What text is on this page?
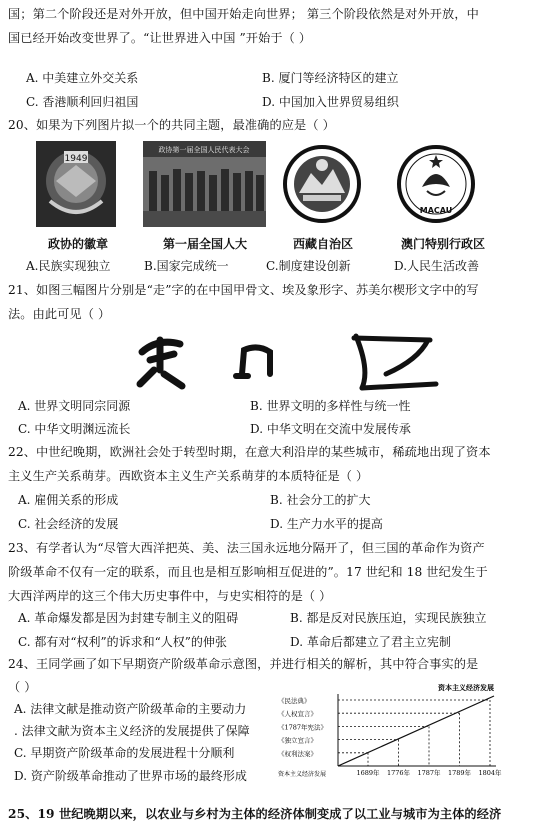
国；第二个阶段还是对外开放，但中国开始走向世界； 第三个阶段依然是对外开放，中
国已经开始改变世界了。“让世界进入中国 ”开始于（ ）
A. 中美建立外交关系	B. 厦门等经济特区的建立
C. 香港顺利回归祖国	D. 中国加入世界贸易组织
20、如果为下列图片拟一个的共同主题，最准确的应是（ ）
1949
政协第一届全国人民代表大会
MACAU
政协的徽章	第一届全国人大	西藏自治区	澳门特别行政区
A.民族实现独立	B.国家完成统一	C.制度建设创新	D.人民生活改善
21、如图三幅图片分别是“走”字的在中国甲骨文、埃及象形字、苏美尔楔形文字中的写
法。由此可见（ ）
A. 世界文明同宗同源	B. 世界文明的多样性与统一性
C. 中华文明渊远流长	D. 中华文明在交流中发展传承
22、中世纪晚期，欧洲社会处于转型时期，在意大利沿岸的某些城市，稀疏地出现了资本
主义生产关系萌芽。西欧资本主义生产关系萌芽的本质特征是（ ）
A. 雇佣关系的形成	B. 社会分工的扩大
C. 社会经济的发展	D. 生产力水平的提高
23、有学者认为“尽管大西洋把英、美、法三国永远地分隔开了，但三国的革命作为资产
阶级革命不仅有一定的联系，而且也是相互影响相互促进的”。17 世纪和 18 世纪发生于
大西洋两岸的这三个伟大历史事件中，与史实相符的是（ ）
A. 革命爆发都是因为封建专制主义的阻碍	B. 都是反对民族压迫，实现民族独立
C. 都有对“权利”的诉求和“人权”的伸张	D. 革命后都建立了君主立宪制
24、王同学画了如下早期资产阶级革命示意图，并进行相关的解析，其中符合事实的是
（ ）
A. 法律文献是推动资产阶级革命的主要动力
. 法律文献为资本主义经济的发展提供了保障
C. 早期资产阶级革命的发展进程十分顺利
D. 资产阶级革命推动了世界市场的最终形成
资本主义经济发展
资本主义经济发展	1689年
《权利法案》
1776年
《独立宣言》
1787年
《1787年宪法》
1789年
《人权宣言》
1804年
《民法典》
25、19 世纪晚期以来，以农业与乡村为主体的经济体制变成了以工业与城市为主体的经济
